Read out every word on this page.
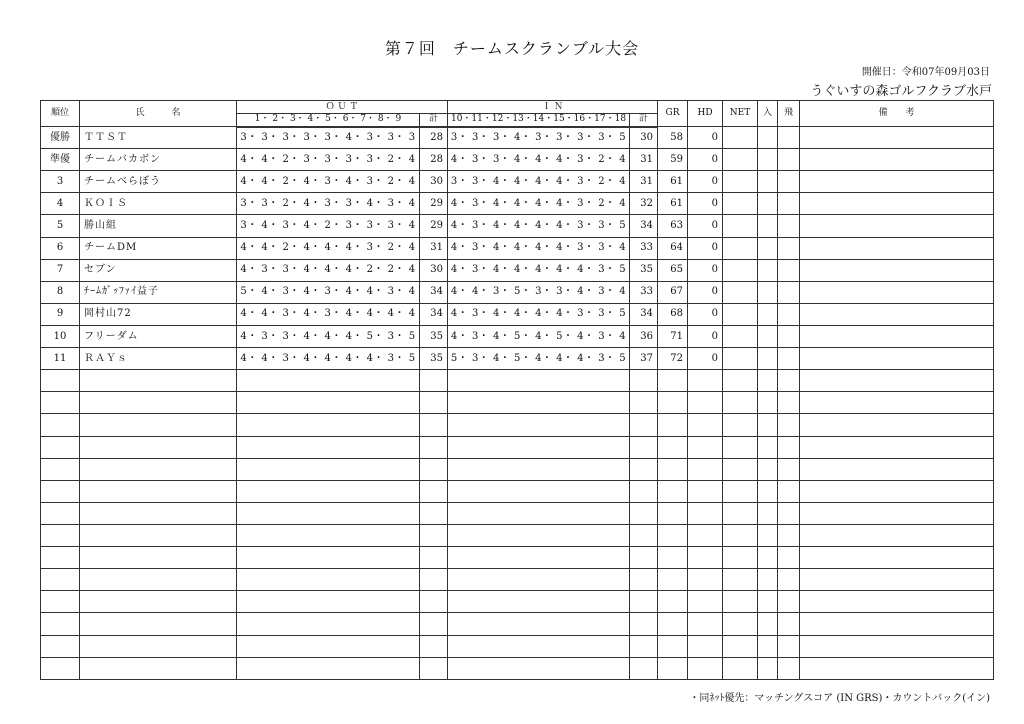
第７回　チームスクランブル大会
開催日：令和07年09月03日
うぐいすの森ゴルフクラブ水戸
順位	氏　　　名	Ｏ Ｕ Ｔ		Ｉ Ｎ		GR	HD	NET	入	飛	備　　考
		1・ 2・ 3・ 4・ 5・ 6・ 7・ 8・ 9	計	10・11・12・13・14・15・16・17・18	計						
優勝	ＴＴＳＴ	3・ 3・ 3・ 3・ 3・ 4・ 3・ 3・ 3	28	3・ 3・ 3・ 4・ 3・ 3・ 3・ 3・ 5	30	58	0				
準優	チームバカボン	4・ 4・ 2・ 3・ 3・ 3・ 3・ 2・ 4	28	4・ 3・ 3・ 4・ 4・ 4・ 3・ 2・ 4	31	59	0				
3	チームべらぼう	4・ 4・ 2・ 4・ 3・ 4・ 3・ 2・ 4	30	3・ 3・ 4・ 4・ 4・ 4・ 3・ 2・ 4	31	61	0				
4	ＫＯＩＳ	3・ 3・ 2・ 4・ 3・ 3・ 4・ 3・ 4	29	4・ 3・ 4・ 4・ 4・ 4・ 3・ 2・ 4	32	61	0				
5	勝山組	3・ 4・ 3・ 4・ 2・ 3・ 3・ 3・ 4	29	4・ 3・ 4・ 4・ 4・ 4・ 3・ 3・ 5	34	63	0				
6	チームDM	4・ 4・ 2・ 4・ 4・ 4・ 3・ 2・ 4	31	4・ 3・ 4・ 4・ 4・ 4・ 3・ 3・ 4	33	64	0				
7	セブン	4・ 3・ 3・ 4・ 4・ 4・ 2・ 2・ 4	30	4・ 3・ 4・ 4・ 4・ 4・ 4・ 3・ 5	35	65	0				
8	ﾁｰﾑｶﾞｯﾌｧｲ益子	5・ 4・ 3・ 4・ 3・ 4・ 4・ 3・ 4	34	4・ 4・ 3・ 5・ 3・ 3・ 4・ 3・ 4	33	67	0				
9	岡村山72	4・ 4・ 3・ 4・ 3・ 4・ 4・ 4・ 4	34	4・ 3・ 4・ 4・ 4・ 4・ 3・ 3・ 5	34	68	0				
10	フリーダム	4・ 3・ 3・ 4・ 4・ 4・ 5・ 3・ 5	35	4・ 3・ 4・ 5・ 4・ 5・ 4・ 3・ 4	36	71	0				
11	ＲＡＹｓ	4・ 4・ 3・ 4・ 4・ 4・ 4・ 3・ 5	35	5・ 3・ 4・ 5・ 4・ 4・ 4・ 3・ 5	37	72	0				

・同ﾈｯﾄ優先：マッチングスコア (IN GRS)・カウントバック(イン)
